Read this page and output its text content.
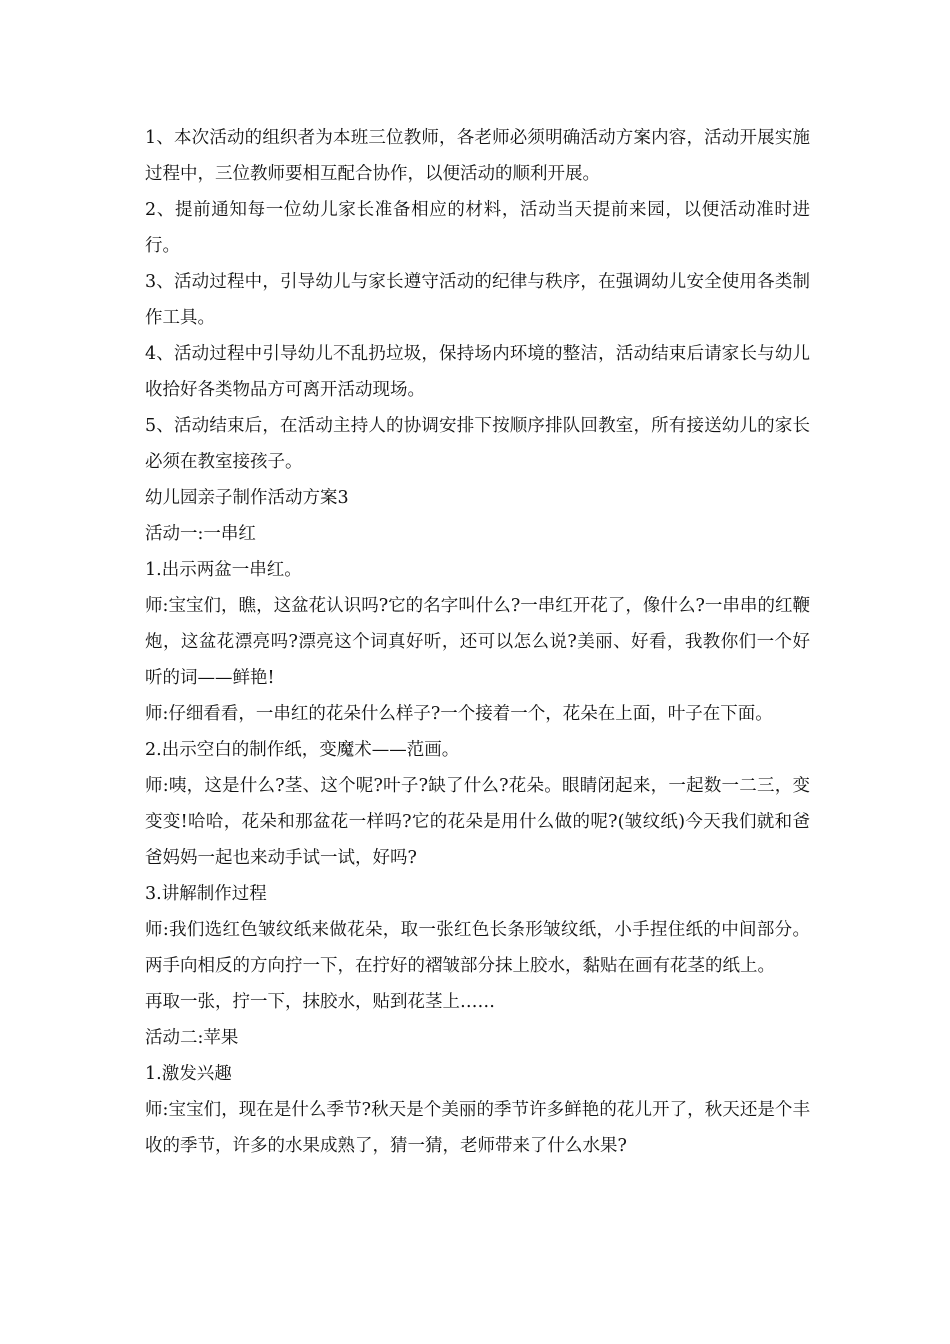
1、本次活动的组织者为本班三位教师，各老师必须明确活动方案内容，活动开展实施过程中，三位教师要相互配合协作，以便活动的顺利开展。

2、提前通知每一位幼儿家长准备相应的材料，活动当天提前来园，以便活动准时进行。

3、活动过程中，引导幼儿与家长遵守活动的纪律与秩序，在强调幼儿安全使用各类制作工具。

4、活动过程中引导幼儿不乱扔垃圾，保持场内环境的整洁，活动结束后请家长与幼儿收拾好各类物品方可离开活动现场。

5、活动结束后，在活动主持人的协调安排下按顺序排队回教室，所有接送幼儿的家长必须在教室接孩子。

幼儿园亲子制作活动方案3

活动一:一串红

1.出示两盆一串红。

师:宝宝们，瞧，这盆花认识吗?它的名字叫什么?一串红开花了，像什么?一串串的红鞭炮，这盆花漂亮吗?漂亮这个词真好听，还可以怎么说?美丽、好看，我教你们一个好听的词——鲜艳!

师:仔细看看，一串红的花朵什么样子?一个接着一个，花朵在上面，叶子在下面。

2.出示空白的制作纸，变魔术——范画。

师:咦，这是什么?茎、这个呢?叶子?缺了什么?花朵。眼睛闭起来，一起数一二三，变变变!哈哈，花朵和那盆花一样吗?它的花朵是用什么做的呢?(皱纹纸)今天我们就和爸爸妈妈一起也来动手试一试，好吗?

3.讲解制作过程

师:我们选红色皱纹纸来做花朵，取一张红色长条形皱纹纸，小手捏住纸的中间部分。两手向相反的方向拧一下，在拧好的褶皱部分抹上胶水，黏贴在画有花茎的纸上。

再取一张，拧一下，抹胶水，贴到花茎上……

活动二:苹果

1.激发兴趣

师:宝宝们，现在是什么季节?秋天是个美丽的季节许多鲜艳的花儿开了，秋天还是个丰收的季节，许多的水果成熟了，猜一猜，老师带来了什么水果?
